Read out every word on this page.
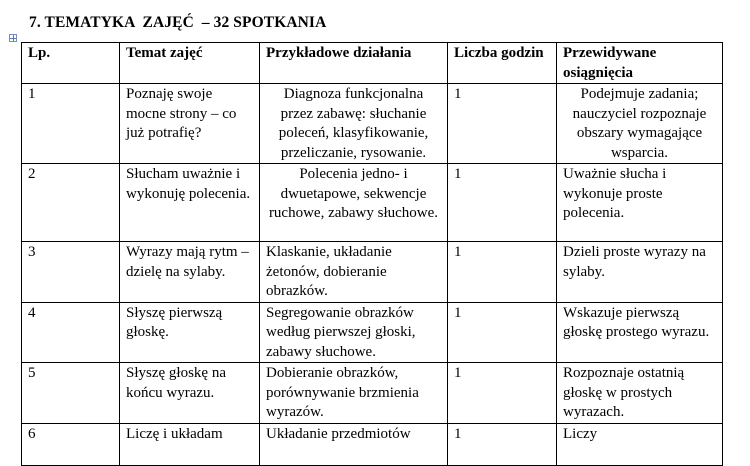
7. TEMATYKA  ZAJĘĆ  – 32 SPOTKANIA
Lp.	Temat zajęć	Przykładowe działania	Liczba godzin	Przewidywane osiągnięcia
1	Poznaję swoje mocne strony – co już potrafię?	Diagnoza funkcjonalna przez zabawę: słuchanie poleceń, klasyfikowanie, przeliczanie, rysowanie.	1	Podejmuje zadania; nauczyciel rozpoznaje obszary wymagające wsparcia.
2	Słucham uważnie i wykonuję polecenia.	Polecenia jedno- i dwuetapowe, sekwencje ruchowe, zabawy słuchowe.	1	Uważnie słucha i wykonuje proste polecenia.
3	Wyrazy mają rytm – dzielę na sylaby.	Klaskanie, układanie żetonów, dobieranie obrazków.	1	Dzieli proste wyrazy na sylaby.
4	Słyszę pierwszą głoskę.	Segregowanie obrazków według pierwszej głoski, zabawy słuchowe.	1	Wskazuje pierwszą głoskę prostego wyrazu.
5	Słyszę głoskę na końcu wyrazu.	Dobieranie obrazków, porównywanie brzmienia wyrazów.	1	Rozpoznaje ostatnią głoskę w prostych wyrazach.
6	Liczę i układam	Układanie przedmiotów	1	Liczy
